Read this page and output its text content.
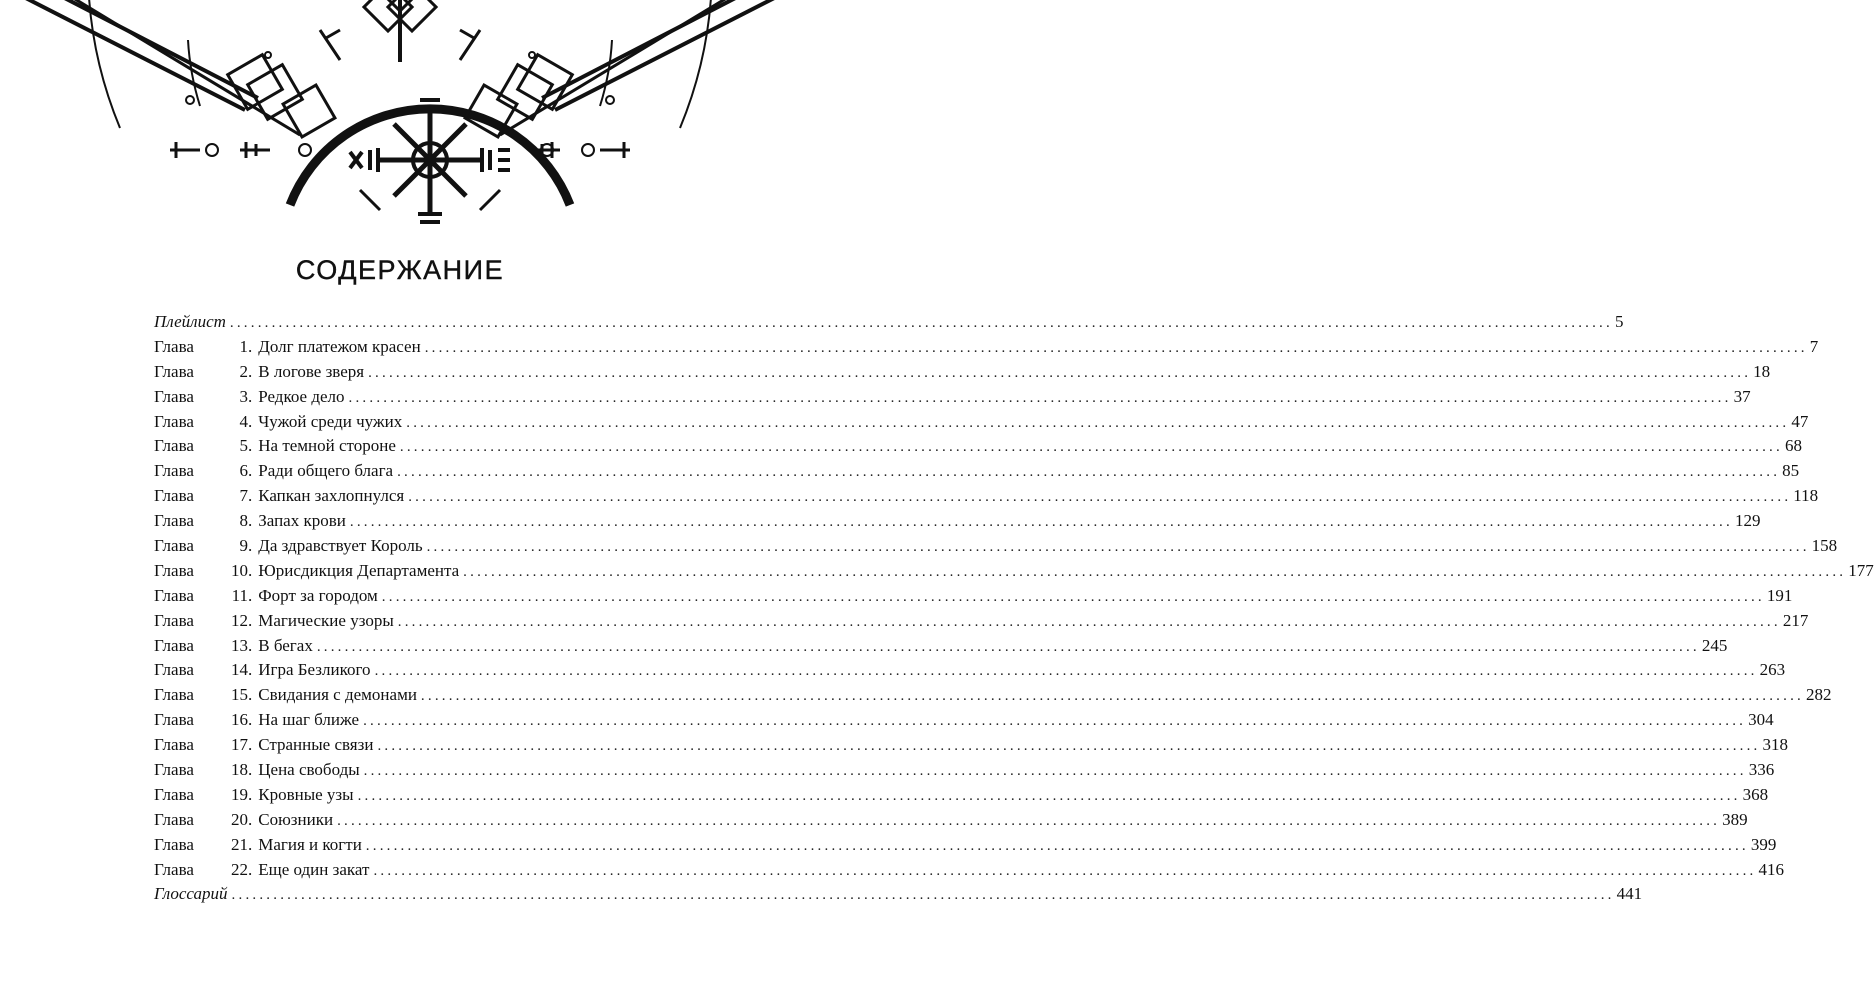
СОДЕРЖАНИЕ
Плейлист ....................................................................................................................................................................................................... 5
Глава	1 . Долг платежом красен ....................................................................................................................................................................................................... 7
Глава	2 . В логове зверя ....................................................................................................................................................................................................... 18
Глава	3 . Редкое дело ....................................................................................................................................................................................................... 37
Глава	4 . Чужой среди чужих ....................................................................................................................................................................................................... 47
Глава	5 . На темной стороне ....................................................................................................................................................................................................... 68
Глава	6 . Ради общего блага ....................................................................................................................................................................................................... 85
Глава	7 . Капкан захлопнулся ....................................................................................................................................................................................................... 118
Глава	8 . Запах крови ....................................................................................................................................................................................................... 129
Глава	9 . Да здравствует Король ....................................................................................................................................................................................................... 158
Глава	10 . Юрисдикция Департамента ....................................................................................................................................................................................................... 177
Глава	11 . Форт за городом ....................................................................................................................................................................................................... 191
Глава	12 . Магические узоры ....................................................................................................................................................................................................... 217
Глава	13 . В бегах ....................................................................................................................................................................................................... 245
Глава	14 . Игра Безликого ....................................................................................................................................................................................................... 263
Глава	15 . Свидания с демонами ....................................................................................................................................................................................................... 282
Глава	16 . На шаг ближе ....................................................................................................................................................................................................... 304
Глава	17 . Странные связи ....................................................................................................................................................................................................... 318
Глава	18 . Цена свободы ....................................................................................................................................................................................................... 336
Глава	19 . Кровные узы ....................................................................................................................................................................................................... 368
Глава	20 . Союзники ....................................................................................................................................................................................................... 389
Глава	21 . Магия и когти ....................................................................................................................................................................................................... 399
Глава	22 . Еще один закат ....................................................................................................................................................................................................... 416
Глоссарий ....................................................................................................................................................................................................... 441
